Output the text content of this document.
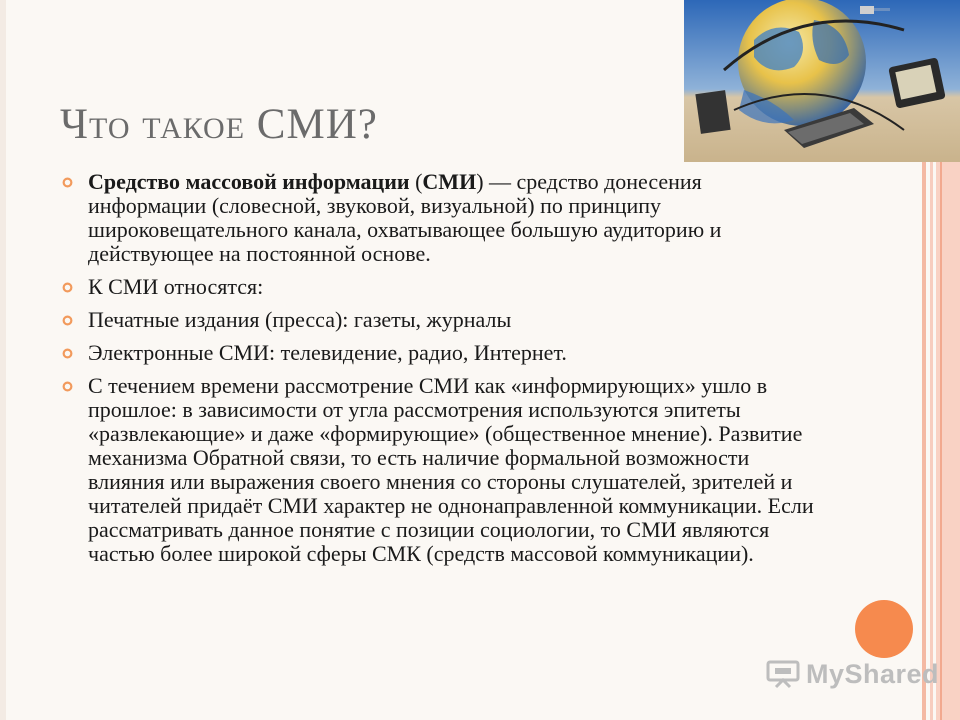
Что такое СМИ?
Средство массовой информации (СМИ) — средство донесения информации (словесной, звуковой, визуальной) по принципу широковещательного канала, охватывающее большую аудиторию и действующее на постоянной основе.
К СМИ относятся:
Печатные издания (пресса): газеты, журналы
Электронные СМИ: телевидение, радио, Интернет.
С течением времени рассмотрение СМИ как «информирующих» ушло в прошлое: в зависимости от угла рассмотрения используются эпитеты «развлекающие» и даже «формирующие» (общественное мнение). Развитие механизма Обратной связи, то есть наличие формальной возможности влияния или выражения своего мнения со стороны слушателей, зрителей и читателей придаёт СМИ характер не однонаправленной коммуникации. Если рассматривать данное понятие с позиции социологии, то СМИ являются частью более широкой сферы СМК (средств массовой коммуникации).
MyShared
